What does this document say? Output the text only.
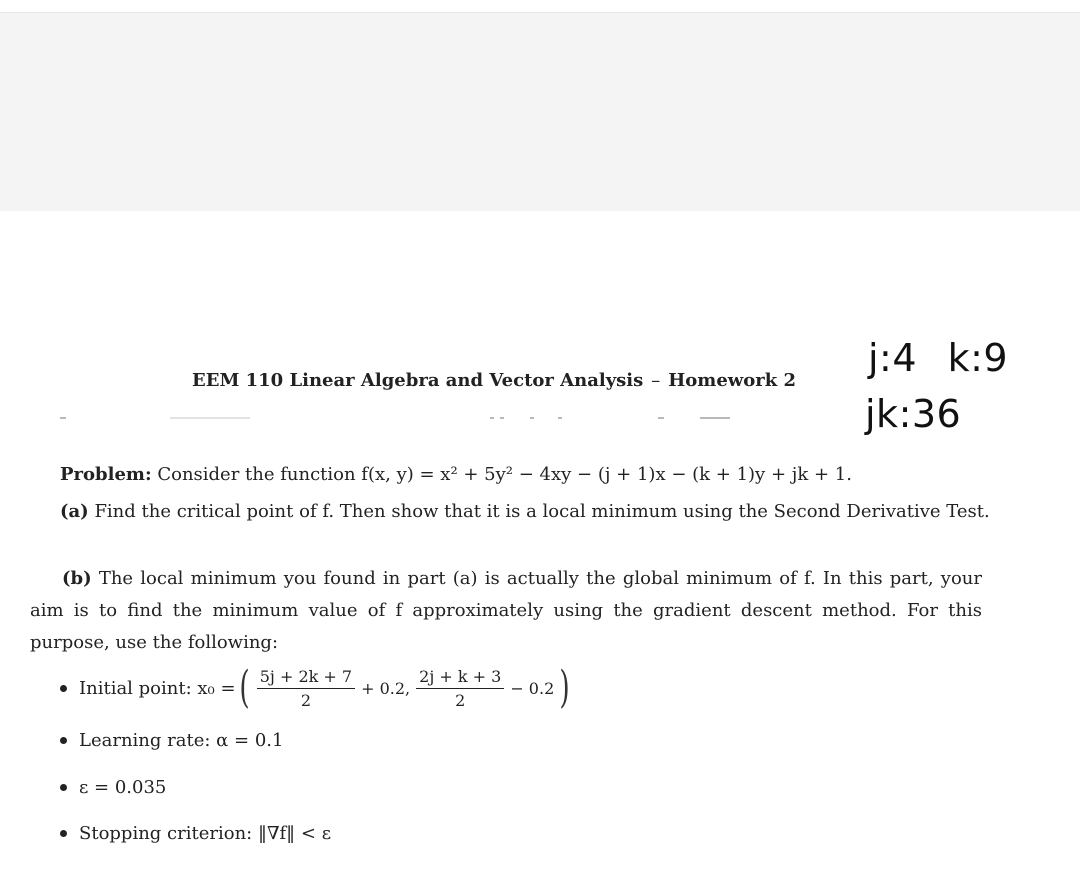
j:4 k:9
jk:36
EEM 110 Linear Algebra and Vector Analysis – Homework 2
Problem: Consider the function f(x, y) = x² + 5y² − 4xy − (j + 1)x − (k + 1)y + jk + 1.
(a) Find the critical point of f. Then show that it is a local minimum using the Second Derivative Test.
(b) The local minimum you found in part (a) is actually the global minimum of f. In this part, your aim is to find the minimum value of f approximately using the gradient descent method. For this purpose, use the following:
Initial point:
x₀ = ( $\frac{5j + 2k + 7}{2} + 0.2$, $\frac{2j + k + 3}{2} - 0.2$ )
Learning rate: α = 0.1
ε = 0.035
Stopping criterion: ‖∇f‖ < ε
